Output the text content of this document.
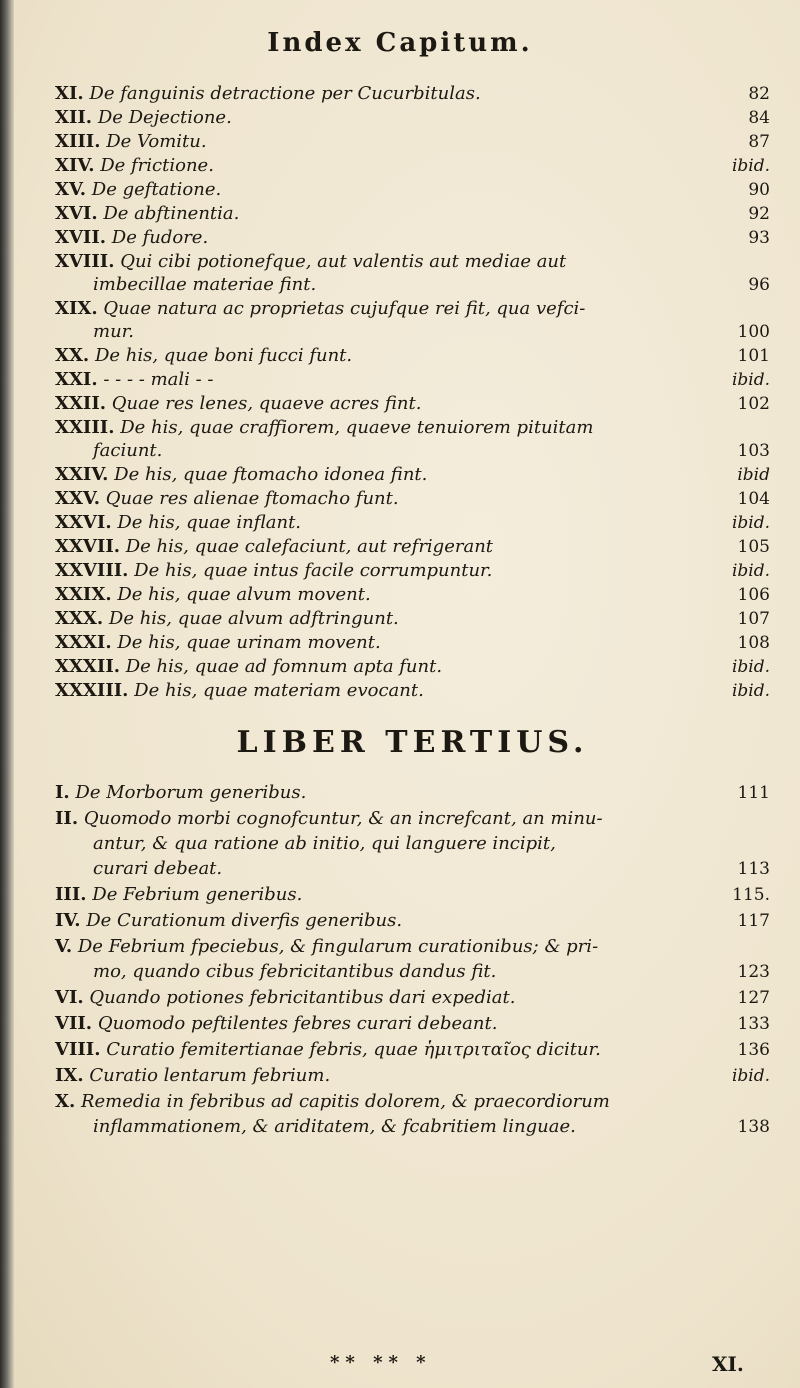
Index Capitum.
XI. De fanguinis detractione per Cucurbitulas.	82
XII. De Dejectione.	84
XIII. De Vomitu.	87
XIV. De frictione.	ibid.
XV. De geftatione.	90
XVI. De abftinentia.	92
XVII. De fudore.	93
XVIII. Qui cibi potionefque, aut valentis aut mediae aut
imbecillae materiae fint.	96
XIX. Quae natura ac proprietas cujufque rei fit, qua vefci-
mur.	100
XX. De his, quae boni fucci funt.	101
XXI. - - - - mali - -	ibid.
XXII. Quae res lenes, quaeve acres fint.	102
XXIII. De his, quae craffiorem, quaeve tenuiorem pituitam
faciunt.	103
XXIV. De his, quae ftomacho idonea fint.	ibid
XXV. Quae res alienae ftomacho funt.	104
XXVI. De his, quae inflant.	ibid.
XXVII. De his, quae calefaciunt, aut refrigerant	105
XXVIII. De his, quae intus facile corrumpuntur.	ibid.
XXIX. De his, quae alvum movent.	106
XXX. De his, quae alvum adftringunt.	107
XXXI. De his, quae urinam movent.	108
XXXII. De his, quae ad fomnum apta funt.	ibid.
XXXIII. De his, quae materiam evocant.	ibid.
LIBER TERTIUS.
I. De Morborum generibus.	111
II. Quomodo morbi cognofcuntur, & an increfcant, an minu-
antur, & qua ratione ab initio, qui languere incipit,
curari debeat.	113
III. De Febrium generibus.	115.
IV. De Curationum diverfis generibus.	117
V. De Febrium fpeciebus, & fingularum curationibus; & pri-
mo, quando cibus febricitantibus dandus fit.	123
VI. Quando potiones febricitantibus dari expediat.	127
VII. Quomodo peftilentes febres curari debeant.	133
VIII. Curatio femitertianae febris, quae ἡμιτριταῖος dicitur.	136
IX. Curatio lentarum febrium.	ibid.
X. Remedia in febribus ad capitis dolorem, & praecordiorum
inflammationem, & ariditatem, & fcabritiem linguae.	138
** ** *	XI.
